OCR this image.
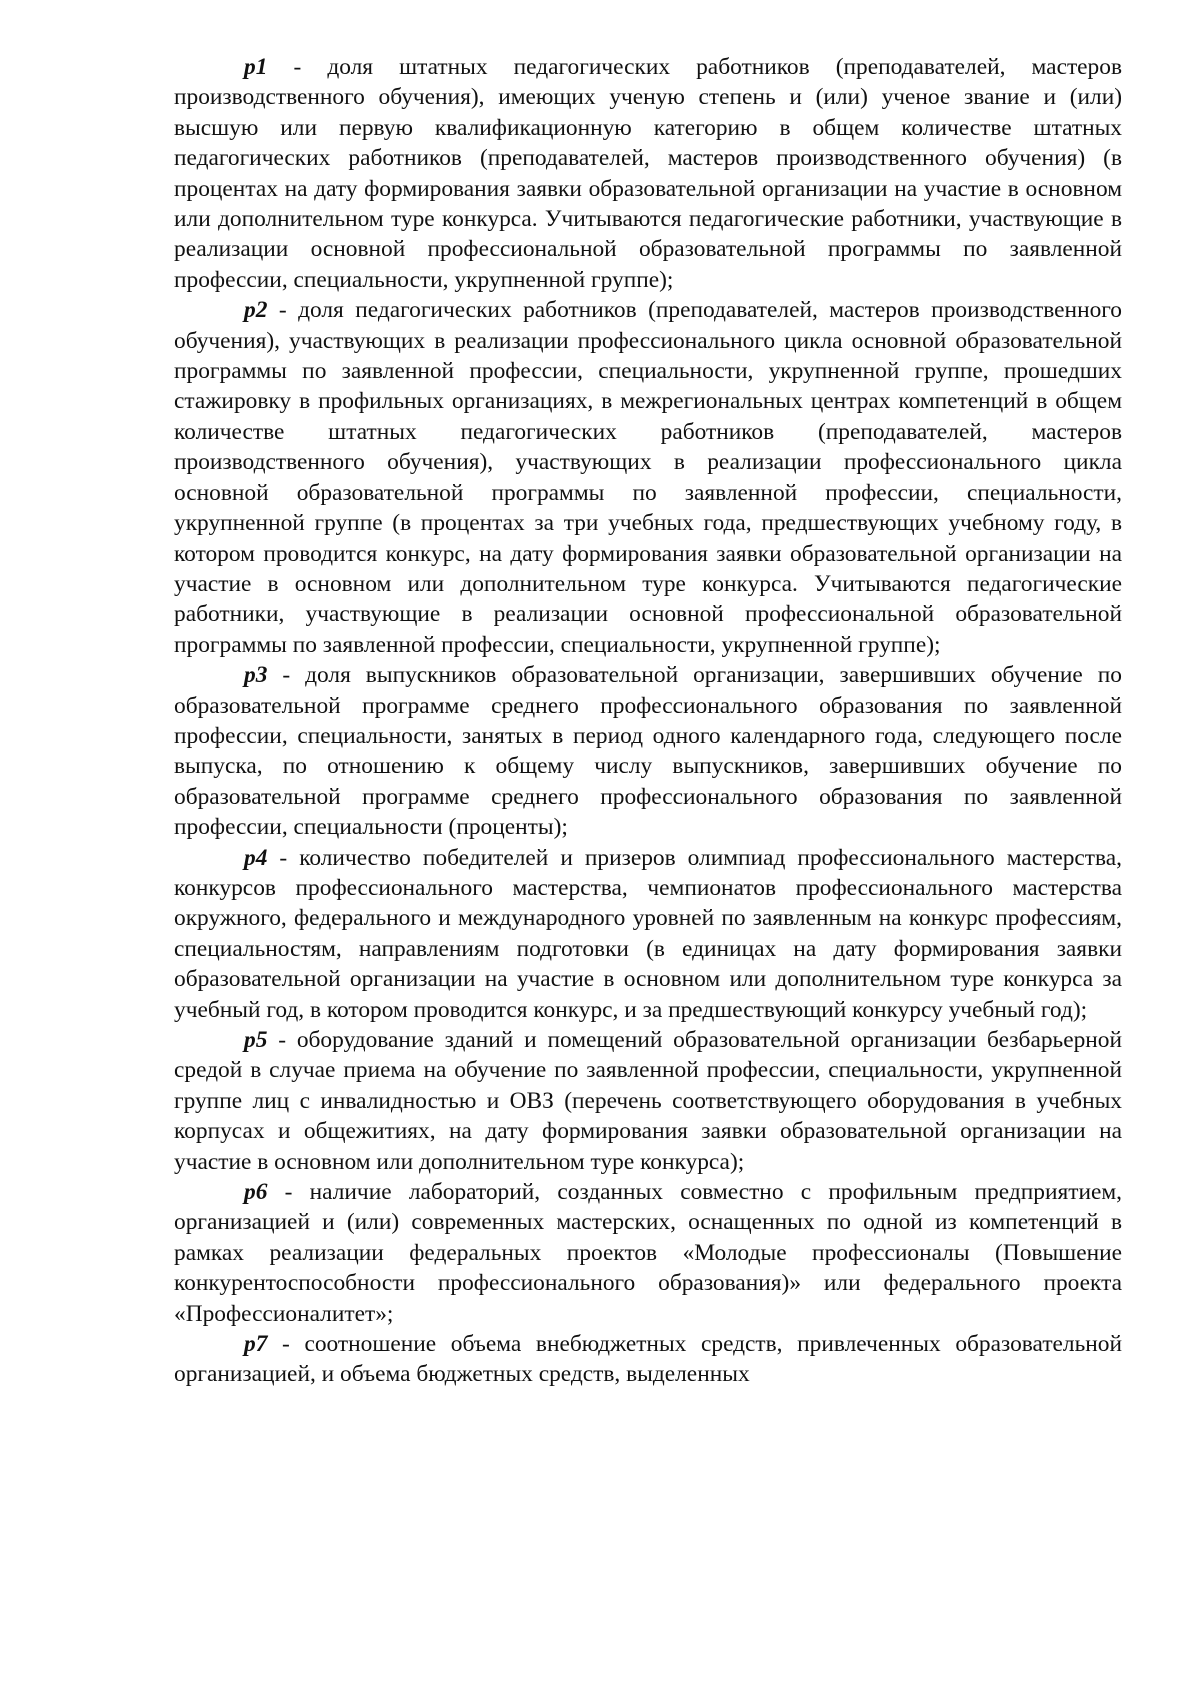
p1 - доля штатных педагогических работников (преподавателей, мастеров производственного обучения), имеющих ученую степень и (или) ученое звание и (или) высшую или первую квалификационную категорию в общем количестве штатных педагогических работников (преподавателей, мастеров производственного обучения) (в процентах на дату формирования заявки образовательной организации на участие в основном или дополнительном туре конкурса. Учитываются педагогические работники, участвующие в реализации основной профессиональной образовательной программы по заявленной профессии, специальности, укрупненной группе);

p2 - доля педагогических работников (преподавателей, мастеров производственного обучения), участвующих в реализации профессионального цикла основной образовательной программы по заявленной профессии, специальности, укрупненной группе, прошедших стажировку в профильных организациях, в межрегиональных центрах компетенций в общем количестве штатных педагогических работников (преподавателей, мастеров производственного обучения), участвующих в реализации профессионального цикла основной образовательной программы по заявленной профессии, специальности, укрупненной группе (в процентах за три учебных года, предшествующих учебному году, в котором проводится конкурс, на дату формирования заявки образовательной организации на участие в основном или дополнительном туре конкурса. Учитываются педагогические работники, участвующие в реализации основной профессиональной образовательной программы по заявленной профессии, специальности, укрупненной группе);

p3 - доля выпускников образовательной организации, завершивших обучение по образовательной программе среднего профессионального образования по заявленной профессии, специальности, занятых в период одного календарного года, следующего после выпуска, по отношению к общему числу выпускников, завершивших обучение по образовательной программе среднего профессионального образования по заявленной профессии, специальности (проценты);

p4 - количество победителей и призеров олимпиад профессионального мастерства, конкурсов профессионального мастерства, чемпионатов профессионального мастерства окружного, федерального и международного уровней по заявленным на конкурс профессиям, специальностям, направлениям подготовки (в единицах на дату формирования заявки образовательной организации на участие в основном или дополнительном туре конкурса за учебный год, в котором проводится конкурс, и за предшествующий конкурсу учебный год);

p5 - оборудование зданий и помещений образовательной организации безбарьерной средой в случае приема на обучение по заявленной профессии, специальности, укрупненной группе лиц с инвалидностью и ОВЗ (перечень соответствующего оборудования в учебных корпусах и общежитиях, на дату формирования заявки образовательной организации на участие в основном или дополнительном туре конкурса);

p6 - наличие лабораторий, созданных совместно с профильным предприятием, организацией и (или) современных мастерских, оснащенных по одной из компетенций в рамках реализации федеральных проектов «Молодые профессионалы (Повышение конкурентоспособности профессионального образования)» или федерального проекта «Профессионалитет»;

p7 - соотношение объема внебюджетных средств, привлеченных образовательной организацией, и объема бюджетных средств, выделенных
